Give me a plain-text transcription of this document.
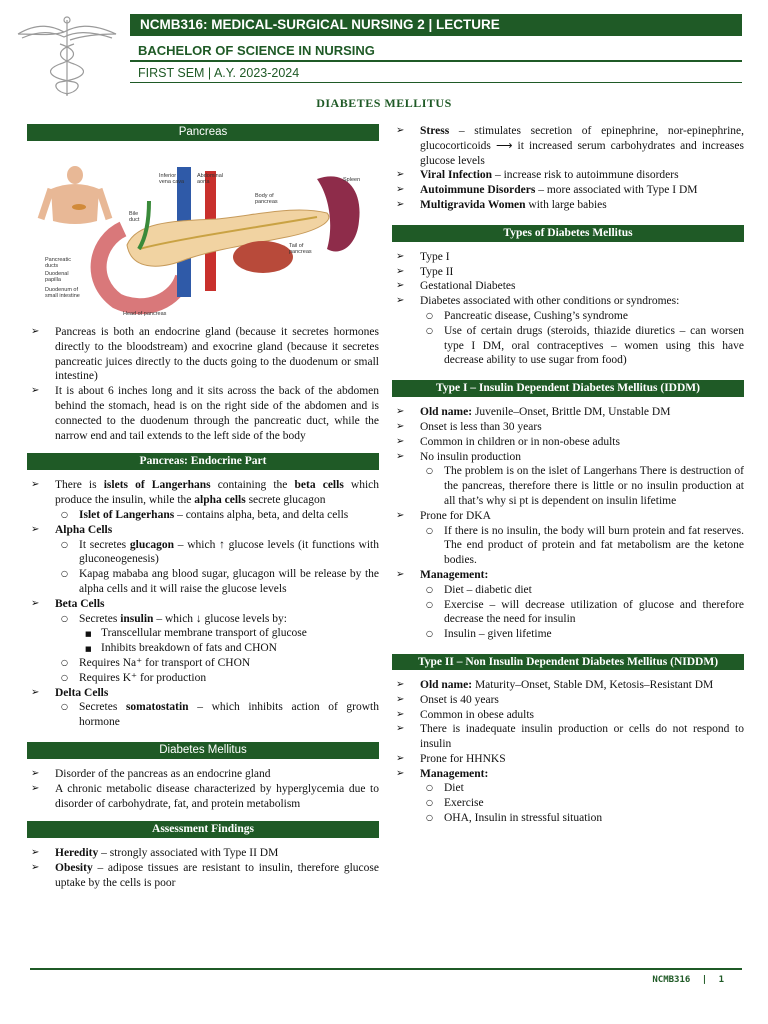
NCMB316: MEDICAL-SURGICAL NURSING 2 | LECTURE
BACHELOR OF SCIENCE IN NURSING
FIRST SEM | A.Y. 2023-2024
DIABETES MELLITUS
Pancreas
Inferior vena cava
Abdominal aorta	Spleen
Body of pancreas
Bile duct
Tail of pancreas
Pancreatic ducts
Duodenal papilla
Duodenum of small intestine
Head of pancreas
➢ Pancreas is both an endocrine gland (because it secretes hormones directly to the bloodstream) and exocrine gland (because it secretes pancreatic juices directly to the ducts going to the duodenum or small intestine)
➢ It is about 6 inches long and it sits across the back of the abdomen behind the stomach, head is on the right side of the abdomen and is connected to the duodenum through the pancreatic duct, while the narrow end and tail extends to the left side of the body
Pancreas: Endocrine Part
➢ There is islets of Langerhans containing the beta cells which produce the insulin, while the alpha cells secrete glucagon
○ Islet of Langerhans – contains alpha, beta, and delta cells
➢ Alpha Cells
○ It secretes glucagon – which ↑ glucose levels (it functions with gluconeogenesis)
○ Kapag mababa ang blood sugar, glucagon will be release by the alpha cells and it will raise the glucose levels
➢ Beta Cells
○ Secretes insulin – which ↓ glucose levels by:
■ Transcellular membrane transport of glucose
■ Inhibits breakdown of fats and CHON
○ Requires Na⁺ for transport of CHON
○ Requires K⁺ for production
➢ Delta Cells
○ Secretes somatostatin – which inhibits action of growth hormone
Diabetes Mellitus
➢ Disorder of the pancreas as an endocrine gland
➢ A chronic metabolic disease characterized by hyperglycemia due to disorder of carbohydrate, fat, and protein metabolism
Assessment Findings
➢ Heredity – strongly associated with Type II DM
➢ Obesity – adipose tissues are resistant to insulin, therefore glucose uptake by the cells is poor
➢ Stress – stimulates secretion of epinephrine, nor-epinephrine, glucocorticoids ⟶ it increased serum carbohydrates and increases glucose levels
➢ Viral Infection – increase risk to autoimmune disorders
➢ Autoimmune Disorders – more associated with Type I DM
➢ Multigravida Women with large babies
Types of Diabetes Mellitus
➢ Type I
➢ Type II
➢ Gestational Diabetes
➢ Diabetes associated with other conditions or syndromes:
○ Pancreatic disease, Cushing’s syndrome
○ Use of certain drugs (steroids, thiazide diuretics – can worsen type I DM, oral contraceptives – women using this have decrease ability to use sugar from food)
Type I – Insulin Dependent Diabetes Mellitus (IDDM)
➢ Old name: Juvenile–Onset, Brittle DM, Unstable DM
➢ Onset is less than 30 years
➢ Common in children or in non-obese adults
➢ No insulin production
○ The problem is on the islet of Langerhans There is destruction of the pancreas, therefore there is little or no insulin production at all that’s why si pt is dependent on insulin lifetime
➢ Prone for DKA
○ If there is no insulin, the body will burn protein and fat reserves. The end product of protein and fat metabolism are the ketone bodies.
➢ Management:
○ Diet – diabetic diet
○ Exercise – will decrease utilization of glucose and therefore decrease the need for insulin
○ Insulin – given lifetime
Type II – Non Insulin Dependent Diabetes Mellitus (NIDDM)
➢ Old name: Maturity–Onset, Stable DM, Ketosis–Resistant DM
➢ Onset is 40 years
➢ Common in obese adults
➢ There is inadequate insulin production or cells do not respond to insulin
➢ Prone for HHNKS
➢ Management:
○ Diet
○ Exercise
○ OHA, Insulin in stressful situation
NCMB316 | 1
